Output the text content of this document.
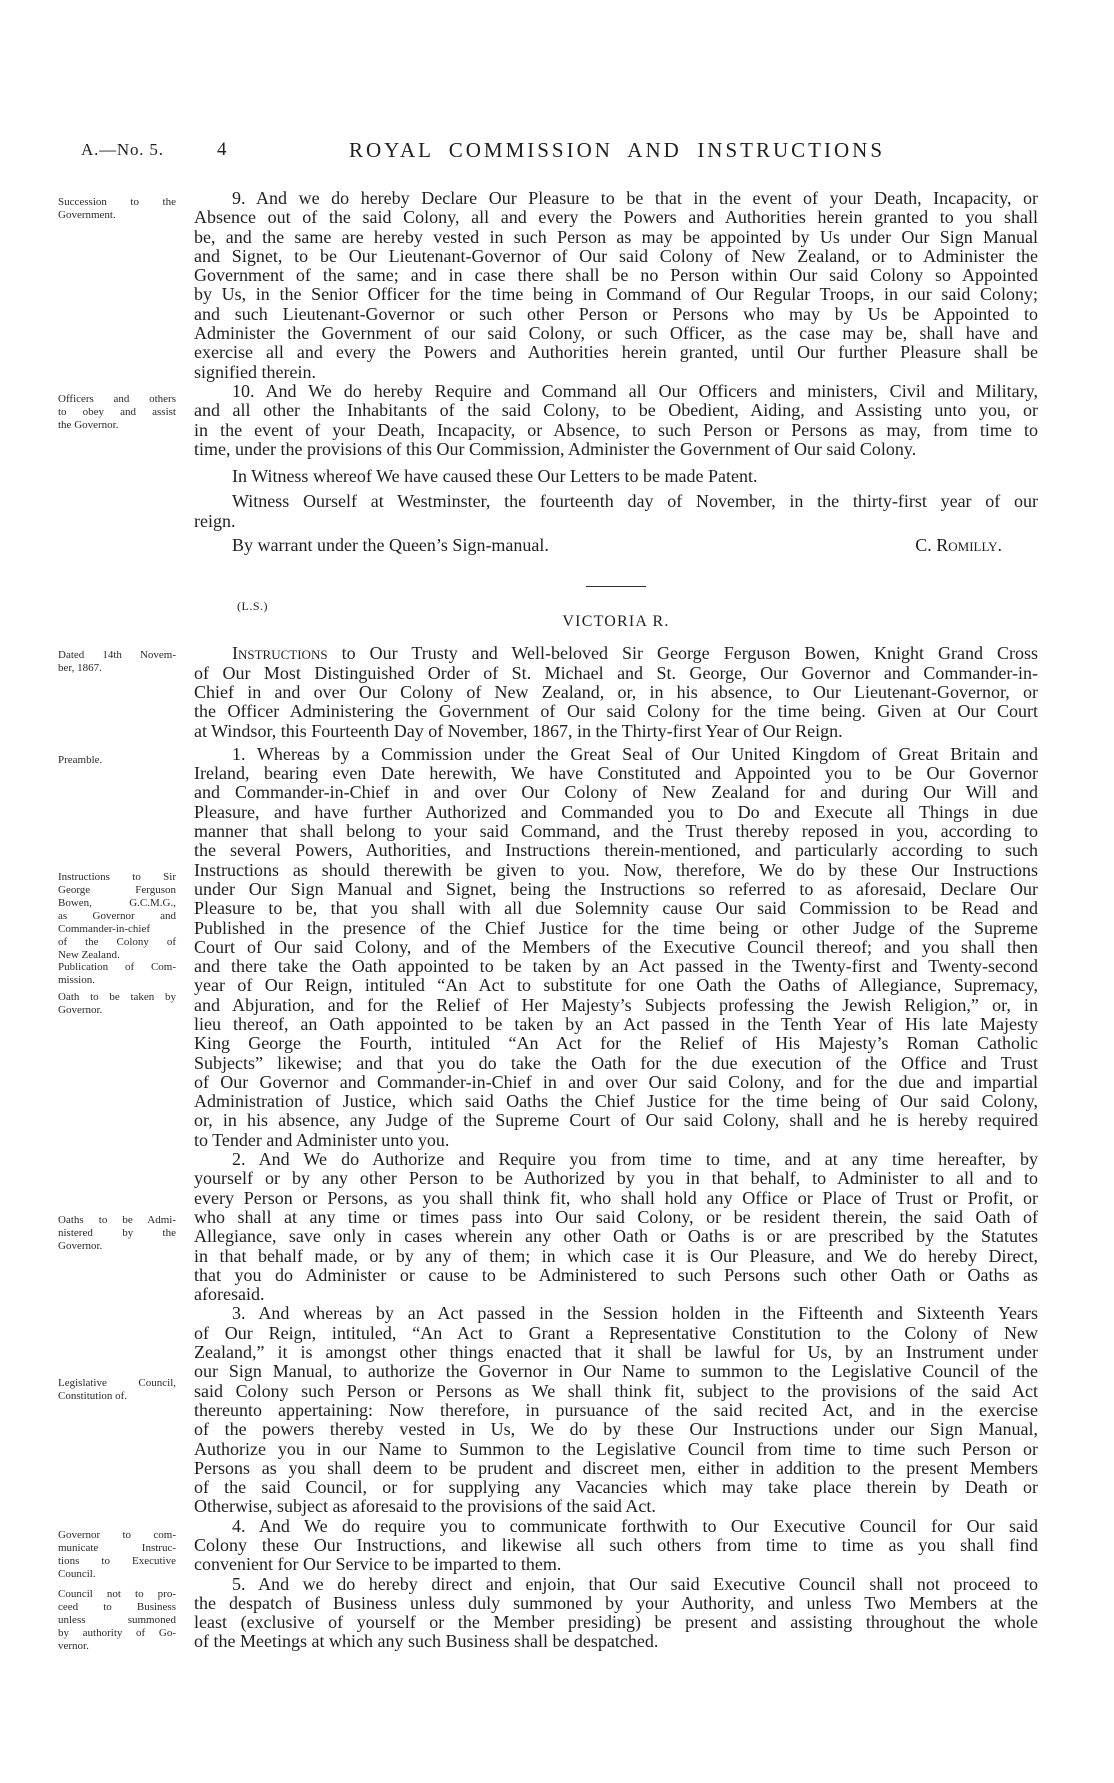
A.—No. 5.	4	ROYAL COMMISSION AND INSTRUCTIONS
Succession to the
Government.
Officers and others
to obey and assist
the Governor.
Dated 14th Novem-
ber, 1867.
Preamble.
Instructions to Sir
George Ferguson
Bowen, G.C.M.G.,
as Governor and
Commander-in-chief
of the Colony of
New Zealand.
Publication of Com-
mission.
Oath to be taken by
Governor.
Oaths to be Admi-
nistered by the
Governor.
Legislative Council,
Constitution of.
Governor to com-
municate Instruc-
tions to Executive
Council.
Council not to pro-
ceed to Business
unless summoned
by authority of Go-
vernor.
9. And we do hereby Declare Our Pleasure to be that in the event of your Death, Incapacity, or
Absence out of the said Colony, all and every the Powers and Authorities herein granted to you shall
be, and the same are hereby vested in such Person as may be appointed by Us under Our Sign Manual
and Signet, to be Our Lieutenant-Governor of Our said Colony of New Zealand, or to Administer the
Government of the same; and in case there shall be no Person within Our said Colony so Appointed
by Us, in the Senior Officer for the time being in Command of Our Regular Troops, in our said Colony;
and such Lieutenant-Governor or such other Person or Persons who may by Us be Appointed to
Administer the Government of our said Colony, or such Officer, as the case may be, shall have and
exercise all and every the Powers and Authorities herein granted, until Our further Pleasure shall be
signified therein.
10. And We do hereby Require and Command all Our Officers and ministers, Civil and Military,
and all other the Inhabitants of the said Colony, to be Obedient, Aiding, and Assisting unto you, or
in the event of your Death, Incapacity, or Absence, to such Person or Persons as may, from time to
time, under the provisions of this Our Commission, Administer the Government of Our said Colony.
In Witness whereof We have caused these Our Letters to be made Patent.
Witness Ourself at Westminster, the fourteenth day of November, in the thirty-first year of our
reign.
By warrant under the Queen’s Sign-manual.	C. Romilly.
(L.S.)
VICTORIA R.
Instructions to Our Trusty and Well-beloved Sir George Ferguson Bowen, Knight Grand Cross
of Our Most Distinguished Order of St. Michael and St. George, Our Governor and Commander-in-
Chief in and over Our Colony of New Zealand, or, in his absence, to Our Lieutenant-Governor, or
the Officer Administering the Government of Our said Colony for the time being. Given at Our Court
at Windsor, this Fourteenth Day of November, 1867, in the Thirty-first Year of Our Reign.
1. Whereas by a Commission under the Great Seal of Our United Kingdom of Great Britain and
Ireland, bearing even Date herewith, We have Constituted and Appointed you to be Our Governor
and Commander-in-Chief in and over Our Colony of New Zealand for and during Our Will and
Pleasure, and have further Authorized and Commanded you to Do and Execute all Things in due
manner that shall belong to your said Command, and the Trust thereby reposed in you, according to
the several Powers, Authorities, and Instructions therein-mentioned, and particularly according to such
Instructions as should therewith be given to you. Now, therefore, We do by these Our Instructions
under Our Sign Manual and Signet, being the Instructions so referred to as aforesaid, Declare Our
Pleasure to be, that you shall with all due Solemnity cause Our said Commission to be Read and
Published in the presence of the Chief Justice for the time being or other Judge of the Supreme
Court of Our said Colony, and of the Members of the Executive Council thereof; and you shall then
and there take the Oath appointed to be taken by an Act passed in the Twenty-first and Twenty-second
year of Our Reign, intituled “An Act to substitute for one Oath the Oaths of Allegiance, Supremacy,
and Abjuration, and for the Relief of Her Majesty’s Subjects professing the Jewish Religion,” or, in
lieu thereof, an Oath appointed to be taken by an Act passed in the Tenth Year of His late Majesty
King George the Fourth, intituled “An Act for the Relief of His Majesty’s Roman Catholic
Subjects” likewise; and that you do take the Oath for the due execution of the Office and Trust
of Our Governor and Commander-in-Chief in and over Our said Colony, and for the due and impartial
Administration of Justice, which said Oaths the Chief Justice for the time being of Our said Colony,
or, in his absence, any Judge of the Supreme Court of Our said Colony, shall and he is hereby required
to Tender and Administer unto you.
2. And We do Authorize and Require you from time to time, and at any time hereafter, by
yourself or by any other Person to be Authorized by you in that behalf, to Administer to all and to
every Person or Persons, as you shall think fit, who shall hold any Office or Place of Trust or Profit, or
who shall at any time or times pass into Our said Colony, or be resident therein, the said Oath of
Allegiance, save only in cases wherein any other Oath or Oaths is or are prescribed by the Statutes
in that behalf made, or by any of them; in which case it is Our Pleasure, and We do hereby Direct,
that you do Administer or cause to be Administered to such Persons such other Oath or Oaths as
aforesaid.
3. And whereas by an Act passed in the Session holden in the Fifteenth and Sixteenth Years
of Our Reign, intituled, “An Act to Grant a Representative Constitution to the Colony of New
Zealand,” it is amongst other things enacted that it shall be lawful for Us, by an Instrument under
our Sign Manual, to authorize the Governor in Our Name to summon to the Legislative Council of the
said Colony such Person or Persons as We shall think fit, subject to the provisions of the said Act
thereunto appertaining: Now therefore, in pursuance of the said recited Act, and in the exercise
of the powers thereby vested in Us, We do by these Our Instructions under our Sign Manual,
Authorize you in our Name to Summon to the Legislative Council from time to time such Person or
Persons as you shall deem to be prudent and discreet men, either in addition to the present Members
of the said Council, or for supplying any Vacancies which may take place therein by Death or
Otherwise, subject as aforesaid to the provisions of the said Act.
4. And We do require you to communicate forthwith to Our Executive Council for Our said
Colony these Our Instructions, and likewise all such others from time to time as you shall find
convenient for Our Service to be imparted to them.
5. And we do hereby direct and enjoin, that Our said Executive Council shall not proceed to
the despatch of Business unless duly summoned by your Authority, and unless Two Members at the
least (exclusive of yourself or the Member presiding) be present and assisting throughout the whole
of the Meetings at which any such Business shall be despatched.
